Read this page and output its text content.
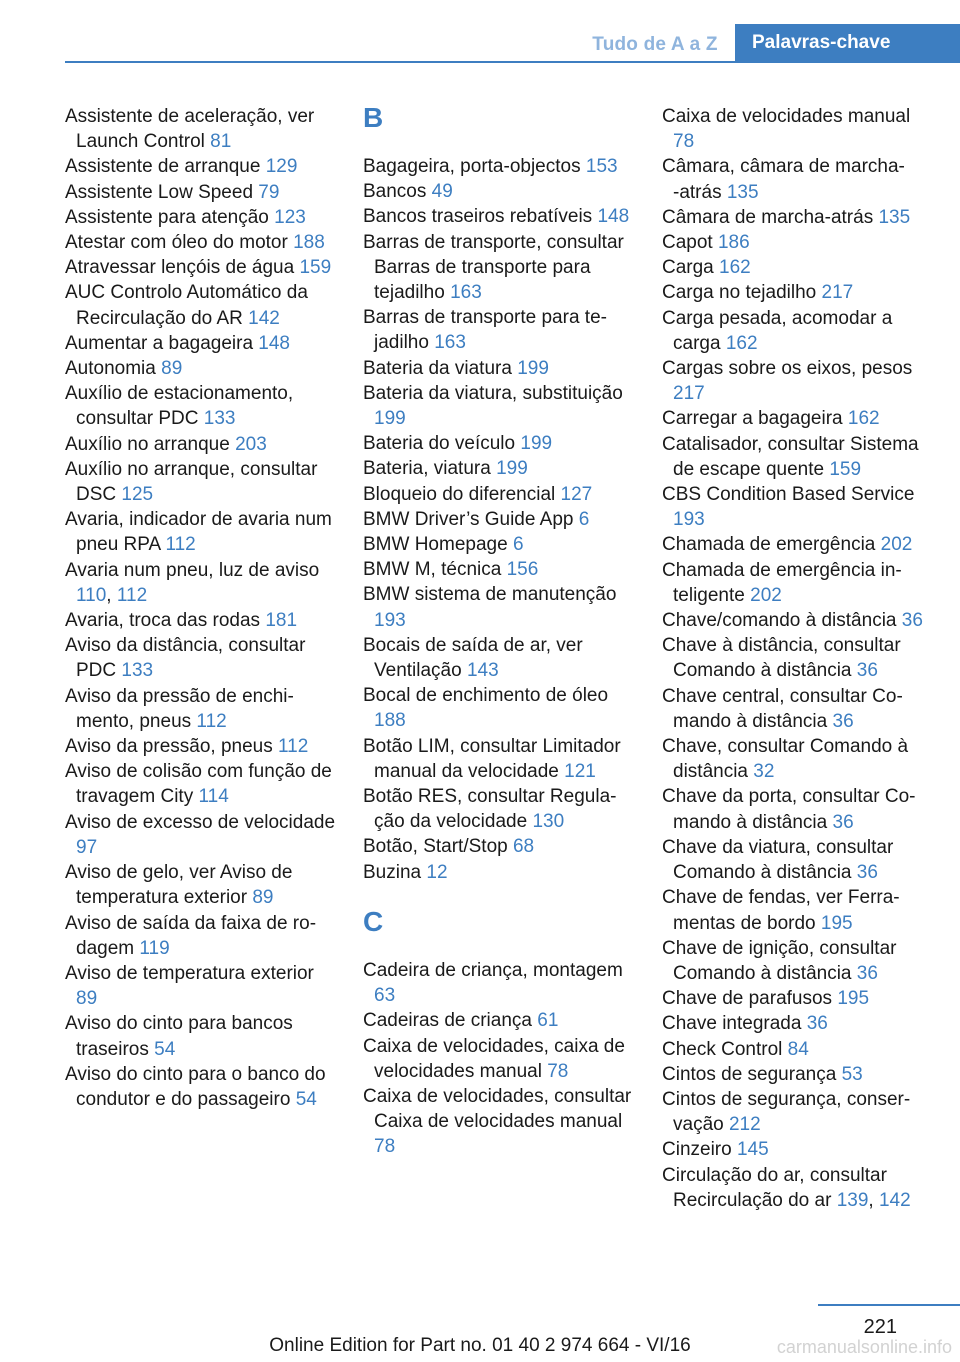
Tudo de A a Z	Palavras-chave
Assistente de aceleração, ver Launch Control 81
Assistente de arranque 129
Assistente Low Speed 79
Assistente para atenção 123
Atestar com óleo do motor 188
Atravessar lençóis de água 159
AUC Controlo Automático da Recirculação do AR 142
Aumentar a bagageira 148
Autonomia 89
Auxílio de estacionamento, consultar PDC 133
Auxílio no arranque 203
Auxílio no arranque, consultar DSC 125
Avaria, indicador de avaria num pneu RPA 112
Avaria num pneu, luz de aviso 110, 112
Avaria, troca das rodas 181
Aviso da distância, consultar PDC 133
Aviso da pressão de enchimento, pneus 112
Aviso da pressão, pneus 112
Aviso de colisão com função de travagem City 114
Aviso de excesso de velocidade 97
Aviso de gelo, ver Aviso de temperatura exterior 89
Aviso de saída da faixa de rodagem 119
Aviso de temperatura exterior 89
Aviso do cinto para bancos traseiros 54
Aviso do cinto para o banco do condutor e do passageiro 54
B
Bagageira, porta-objectos 153
Bancos 49
Bancos traseiros rebatíveis 148
Barras de transporte, consultar Barras de transporte para tejadilho 163
Barras de transporte para tejadilho 163
Bateria da viatura 199
Bateria da viatura, substituição 199
Bateria do veículo 199
Bateria, viatura 199
Bloqueio do diferencial 127
BMW Driver’s Guide App 6
BMW Homepage 6
BMW M, técnica 156
BMW sistema de manutenção 193
Bocais de saída de ar, ver Ventilação 143
Bocal de enchimento de óleo 188
Botão LIM, consultar Limitador manual da velocidade 121
Botão RES, consultar Regulação da velocidade 130
Botão, Start/Stop 68
Buzina 12
C
Cadeira de criança, montagem 63
Cadeiras de criança 61
Caixa de velocidades, caixa de velocidades manual 78
Caixa de velocidades, consultar Caixa de velocidades manual 78
Caixa de velocidades manual 78
Câmara, câmara de marcha-‑atrás 135
Câmara de marcha-atrás 135
Capot 186
Carga 162
Carga no tejadilho 217
Carga pesada, acomodar a carga 162
Cargas sobre os eixos, pesos 217
Carregar a bagageira 162
Catalisador, consultar Sistema de escape quente 159
CBS Condition Based Service 193
Chamada de emergência 202
Chamada de emergência inteligente 202
Chave/comando à distância 36
Chave à distância, consultar Comando à distância 36
Chave central, consultar Comando à distância 36
Chave, consultar Comando à distância 32
Chave da porta, consultar Comando à distância 36
Chave da viatura, consultar Comando à distância 36
Chave de fendas, ver Ferramentas de bordo 195
Chave de ignição, consultar Comando à distância 36
Chave de parafusos 195
Chave integrada 36
Check Control 84
Cintos de segurança 53
Cintos de segurança, conservação 212
Cinzeiro 145
Circulação do ar, consultar Recirculação do ar 139, 142
221
Online Edition for Part no. 01 40 2 974 664 - VI/16	carmanualsonline.info
